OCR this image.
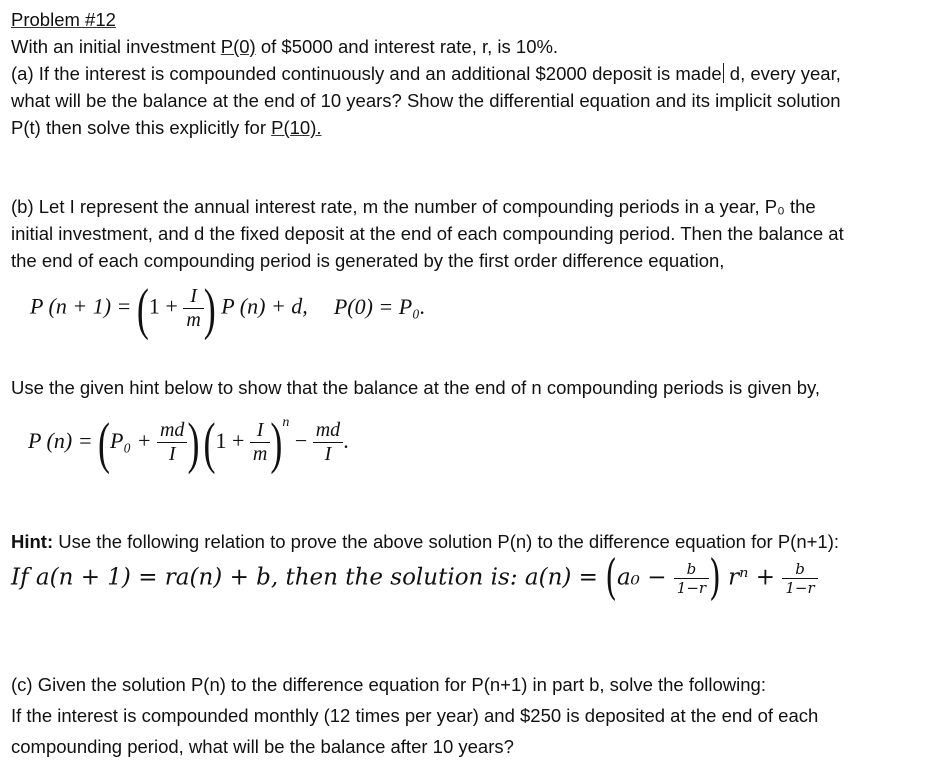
Problem #12
With an initial investment P(0) of $5000 and interest rate, r, is 10%.
(a) If the interest is compounded continuously and an additional $2000 deposit is made d, every year,
what will be the balance at the end of 10 years? Show the differential equation and its implicit solution
P(t) then solve this explicitly for P(10).
(b) Let I represent the annual interest rate, m the number of compounding periods in a year, P₀ the
initial investment, and d the fixed deposit at the end of each compounding period. Then the balance at
the end of each compounding period is generated by the first order difference equation,
P $(n + 1) = (1 + \frac{I}{m}$ ) P (n) + d, P(0) = P₀.
Use the given hint below to show that the balance at the end of n compounding periods is given by,
P $(n) = (P_0 + \frac{md}{I}$ ) $(1 + \frac{I}{m} )^n - \frac{md}{I}$ .
Hint: Use the following relation to prove the above solution P(n) to the difference equation for P(n+1):
If a(n + 1) = ra(n) + b, then the solution is: $a(n) = (a_0 - \frac{b}{1-r}$ ) $r^n + \frac{b}{1-r}$
(c) Given the solution P(n) to the difference equation for P(n+1) in part b, solve the following:
If the interest is compounded monthly (12 times per year) and $250 is deposited at the end of each
compounding period, what will be the balance after 10 years?
